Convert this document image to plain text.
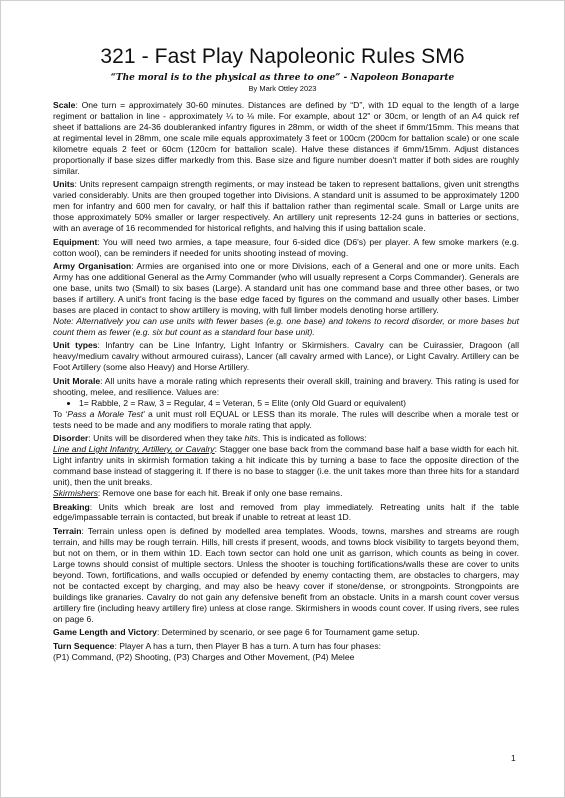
321 - Fast Play Napoleonic Rules SM6
“The moral is to the physical as three to one” - Napoleon Bonaparte
By Mark Ottley 2023

Scale: One turn = approximately 30-60 minutes. Distances are defined by “D”, with 1D equal to the length of a large regiment or battalion in line - approximately ¼ to ⅛ mile. For example, about 12" or 30cm, or length of an A4 quick ref sheet if battalions are 24-36 doubleranked infantry figures in 28mm, or width of the sheet if 6mm/15mm. This means that at regimental level in 28mm, one scale mile equals approximately 3 feet or 100cm (200cm for battalion scale) or one scale kilometre equals 2 feet or 60cm (120cm for battalion scale). Halve these distances if 6mm/15mm. Adjust distances proportionally if base sizes differ markedly from this. Base size and figure number doesn't matter if both sides are roughly similar.

Units: Units represent campaign strength regiments, or may instead be taken to represent battalions, given unit strengths varied considerably. Units are then grouped together into Divisions. A standard unit is assumed to be approximately 1200 men for infantry and 600 men for cavalry, or half this if battalion rather than regimental scale. Small or Large units are those approximately 50% smaller or larger respectively. An artillery unit represents 12-24 guns in batteries or sections, with an average of 16 recommended for historical refights, and halving this if using battalion scale.

Equipment: You will need two armies, a tape measure, four 6-sided dice (D6's) per player. A few smoke markers (e.g. cotton wool), can be reminders if needed for units shooting instead of moving.

Army Organisation: Armies are organised into one or more Divisions, each of a General and one or more units. Each Army has one additional General as the Army Commander (who will usually represent a Corps Commander). Generals are one base, units two (Small) to six bases (Large). A standard unit has one command base and three other bases, or two bases if artillery. A unit's front facing is the base edge faced by figures on the command and usually other bases. Limber bases are placed in contact to show artillery is moving, with full limber models denoting horse artillery.

Note: Alternatively you can use units with fewer bases (e.g. one base) and tokens to record disorder, or more bases but count them as fewer (e.g. six but count as a standard four base unit).

Unit types: Infantry can be Line Infantry, Light Infantry or Skirmishers. Cavalry can be Cuirassier, Dragoon (all heavy/medium cavalry without armoured cuirass), Lancer (all cavalry armed with Lance), or Light Cavalry. Artillery can be Foot Artillery (some also Heavy) and Horse Artillery.

Unit Morale: All units have a morale rating which represents their overall skill, training and bravery. This rating is used for shooting, melee, and resilience. Values are:

• 1= Rabble, 2 = Raw, 3 = Regular, 4 = Veteran, 5 = Elite (only Old Guard or equivalent)

To ‘Pass a Morale Test’ a unit must roll EQUAL or LESS than its morale. The rules will describe when a morale test or tests need to be made and any modifiers to morale rating that apply.

Disorder: Units will be disordered when they take hits. This is indicated as follows:

Line and Light Infantry, Artillery, or Cavalry: Stagger one base back from the command base half a base width for each hit. Light infantry units in skirmish formation taking a hit indicate this by turning a base to face the opposite direction of the command base instead of staggering it. If there is no base to stagger (i.e. the unit takes more than three hits for a standard unit), then the unit breaks.

Skirmishers: Remove one base for each hit. Break if only one base remains.

Breaking: Units which break are lost and removed from play immediately. Retreating units halt if the table edge/impassable terrain is contacted, but break if unable to retreat at least 1D.

Terrain: Terrain unless open is defined by modelled area templates. Woods, towns, marshes and streams are rough terrain, and hills may be rough terrain. Hills, hill crests if present, woods, and towns block visibility to targets beyond them, but not on them, or in them within 1D. Each town sector can hold one unit as garrison, which counts as being in cover. Large towns should consist of multiple sectors. Unless the shooter is touching fortifications/walls these are cover to units beyond. Town, fortifications, and walls occupied or defended by enemy contacting them, are obstacles to chargers, may not be contacted except by charging, and may also be heavy cover if stone/dense, or strongpoints. Strongpoints are buildings like granaries. Cavalry do not gain any defensive benefit from an obstacle. Units in a marsh count cover versus artillery fire (including heavy artillery fire) unless at close range. Skirmishers in woods count cover. If using rivers, see rules on page 6.

Game Length and Victory: Determined by scenario, or see page 6 for Tournament game setup.

Turn Sequence: Player A has a turn, then Player B has a turn. A turn has four phases:

(P1) Command, (P2) Shooting, (P3) Charges and Other Movement, (P4) Melee

1
